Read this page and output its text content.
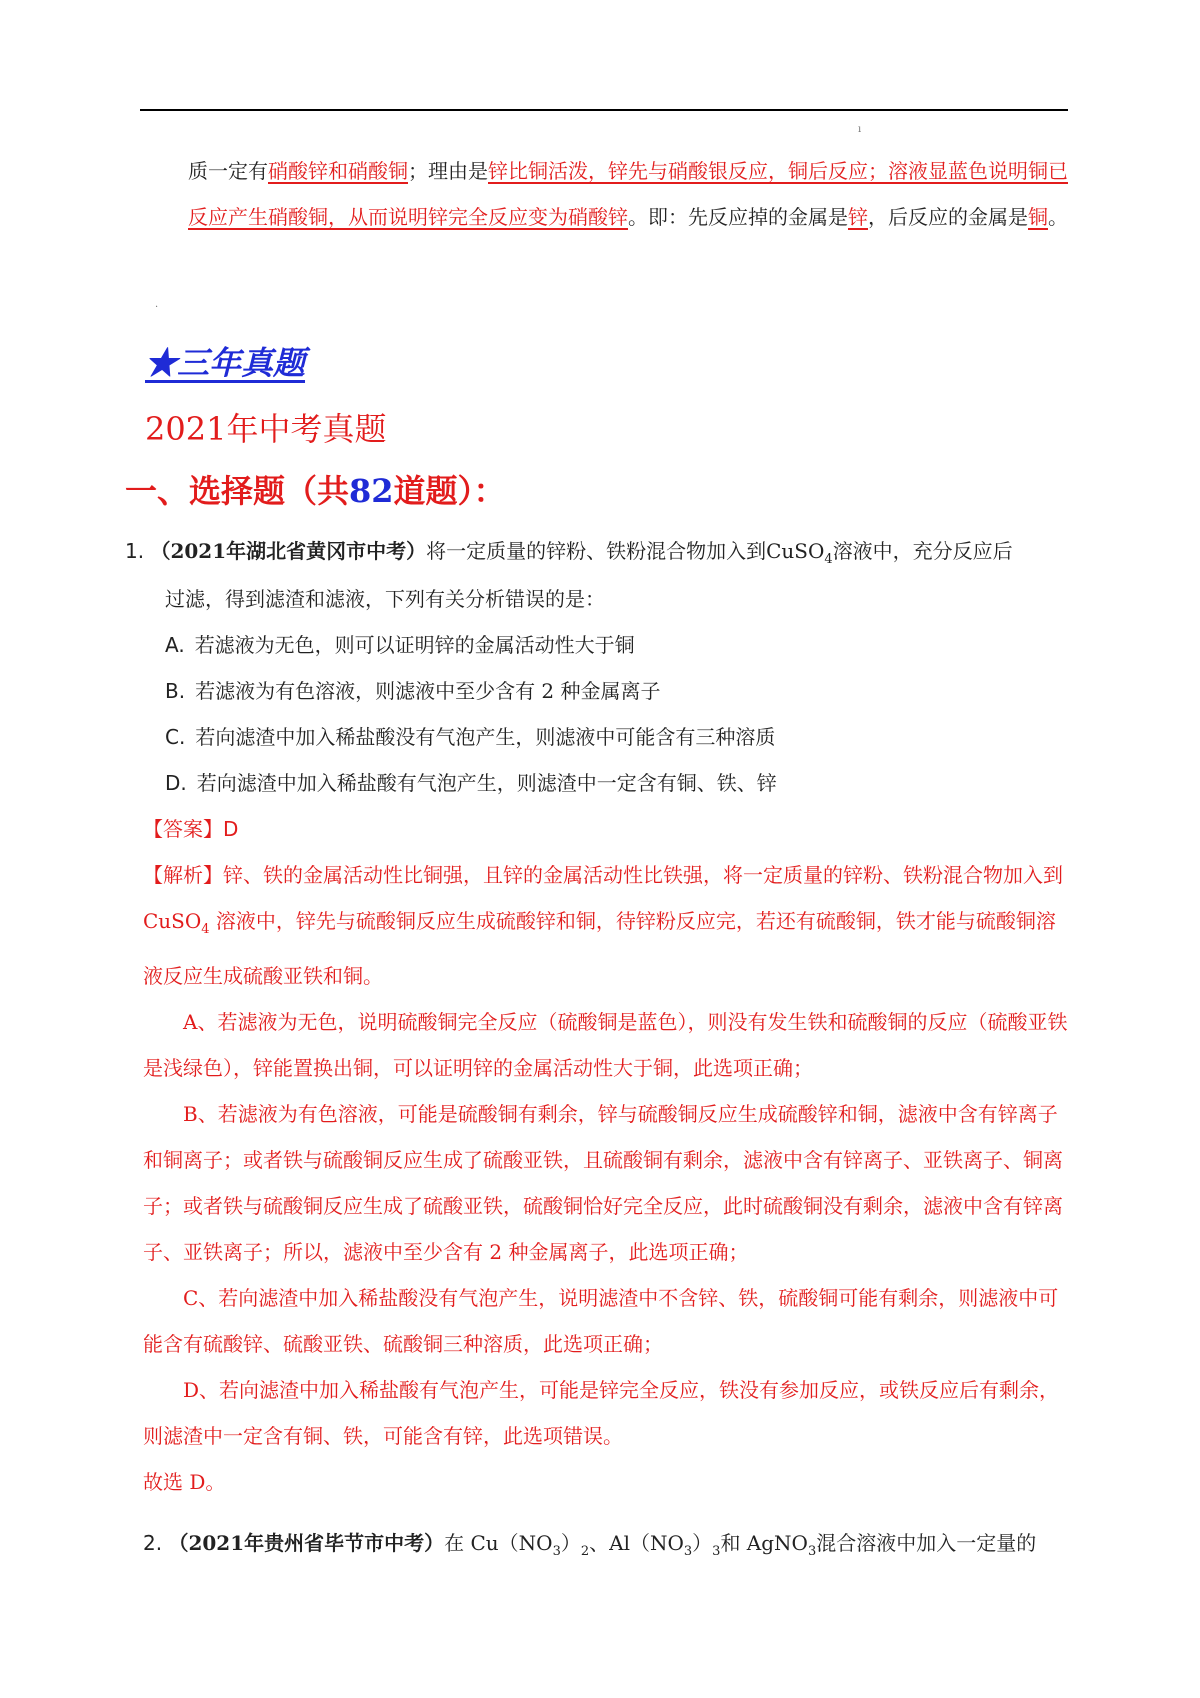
ı
·
质一定有硝酸锌和硝酸铜；理由是锌比铜活泼，锌先与硝酸银反应，铜后反应；溶液显蓝色说明铜已反应产生硝酸铜，从而说明锌完全反应变为硝酸锌。即：先反应掉的金属是锌，后反应的金属是铜。
★三年真题
2021年中考真题
一、选择题（共82道题）：
1. （2021年湖北省黄冈市中考）将一定质量的锌粉、铁粉混合物加入到CuSO$_4$溶液中，充分反应后
过滤，得到滤渣和滤液，下列有关分析错误的是：
A. 若滤液为无色，则可以证明锌的金属活动性大于铜
B. 若滤液为有色溶液，则滤液中至少含有 2 种金属离子
C. 若向滤渣中加入稀盐酸没有气泡产生，则滤液中可能含有三种溶质
D. 若向滤渣中加入稀盐酸有气泡产生，则滤渣中一定含有铜、铁、锌
【答案】D

【解析】锌、铁的金属活动性比铜强，且锌的金属活动性比铁强，将一定质量的锌粉、铁粉混合物加入到 CuSO$_4$ 溶液中，锌先与硫酸铜反应生成硫酸锌和铜，待锌粉反应完，若还有硫酸铜，铁才能与硫酸铜溶液反应生成硫酸亚铁和铜。

A、若滤液为无色，说明硫酸铜完全反应（硫酸铜是蓝色），则没有发生铁和硫酸铜的反应（硫酸亚铁是浅绿色），锌能置换出铜，可以证明锌的金属活动性大于铜，此选项正确；

B、若滤液为有色溶液，可能是硫酸铜有剩余，锌与硫酸铜反应生成硫酸锌和铜，滤液中含有锌离子和铜离子；或者铁与硫酸铜反应生成了硫酸亚铁，且硫酸铜有剩余，滤液中含有锌离子、亚铁离子、铜离子；或者铁与硫酸铜反应生成了硫酸亚铁，硫酸铜恰好完全反应，此时硫酸铜没有剩余，滤液中含有锌离子、亚铁离子；所以，滤液中至少含有 2 种金属离子，此选项正确；

C、若向滤渣中加入稀盐酸没有气泡产生，说明滤渣中不含锌、铁，硫酸铜可能有剩余，则滤液中可能含有硫酸锌、硫酸亚铁、硫酸铜三种溶质，此选项正确；

D、若向滤渣中加入稀盐酸有气泡产生，可能是锌完全反应，铁没有参加反应，或铁反应后有剩余，则滤渣中一定含有铜、铁，可能含有锌，此选项错误。

故选 D。

2. （2021年贵州省毕节市中考）在 $Cu(NO_3)_2$、$Al(NO_3)_3$和 AgNO$_3$混合溶液中加入一定量的
